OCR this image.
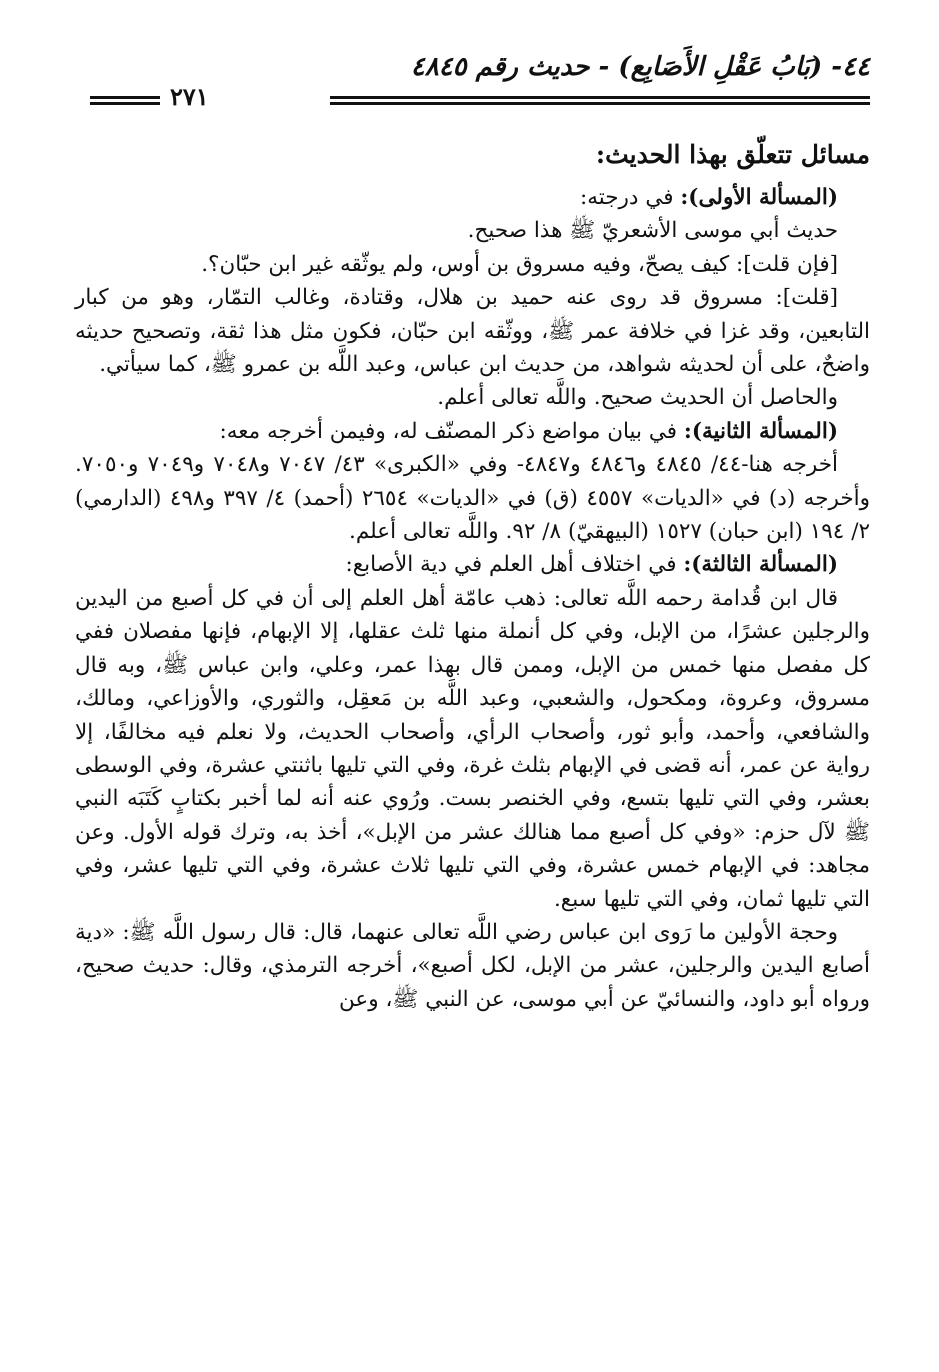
٤٤- (بَابُ عَقْلِ الأَصَابِع) - حديث رقم ٤٨٤٥
٢٧١

مسائل تتعلّق بهذا الحديث:

(المسألة الأولى): في درجته:

حديث أبي موسى الأشعريّ ﷺ هذا صحيح.

[فإن قلت]: كيف يصحّ، وفيه مسروق بن أوس، ولم يوثّقه غير ابن حبّان؟.

[قلت]: مسروق قد روى عنه حميد بن هلال، وقتادة، وغالب التمّار، وهو من كبار التابعين، وقد غزا في خلافة عمر ﷺ، ووثّقه ابن حبّان، فكون مثل هذا ثقة، وتصحيح حديثه واضحٌ، على أن لحديثه شواهد، من حديث ابن عباس، وعبد اللَّه بن عمرو ﷺ، كما سيأتي.

والحاصل أن الحديث صحيح. واللَّه تعالى أعلم.

(المسألة الثانية): في بيان مواضع ذكر المصنّف له، وفيمن أخرجه معه:

أخرجه هنا-٤٤/ ٤٨٤٥ و٤٨٤٦ و٤٨٤٧- وفي «الكبرى» ٤٣/ ٧٠٤٧ و٧٠٤٨ و٧٠٤٩ و٧٠٥٠. وأخرجه (د) في «الديات» ٤٥٥٧ (ق) في «الديات» ٢٦٥٤ (أحمد) ٤/ ٣٩٧ و٤٩٨ (الدارمي) ٢/ ١٩٤ (ابن حبان) ١٥٢٧ (البيهقيّ) ٨/ ٩٢. واللَّه تعالى أعلم.

(المسألة الثالثة): في اختلاف أهل العلم في دية الأصابع:

قال ابن قُدامة رحمه اللَّه تعالى: ذهب عامّة أهل العلم إلى أن في كل أصبع من اليدين والرجلين عشرًا، من الإبل، وفي كل أنملة منها ثلث عقلها، إلا الإبهام، فإنها مفصلان ففي كل مفصل منها خمس من الإبل، وممن قال بهذا عمر، وعلي، وابن عباس ﷺ، وبه قال مسروق، وعروة، ومكحول، والشعبي، وعبد اللَّه بن مَعقِل، والثوري، والأوزاعي، ومالك، والشافعي، وأحمد، وأبو ثور، وأصحاب الرأي، وأصحاب الحديث، ولا نعلم فيه مخالفًا، إلا رواية عن عمر، أنه قضى في الإبهام بثلث غرة، وفي التي تليها باثنتي عشرة، وفي الوسطى بعشر، وفي التي تليها بتسع، وفي الخنصر بست. ورُوي عنه أنه لما أخبر بكتابٍ كَتَبَه النبي ﷺ لآل حزم: «وفي كل أصبع مما هنالك عشر من الإبل»، أخذ به، وترك قوله الأول. وعن مجاهد: في الإبهام خمس عشرة، وفي التي تليها ثلاث عشرة، وفي التي تليها عشر، وفي التي تليها ثمان، وفي التي تليها سبع.

وحجة الأولين ما رَوى ابن عباس رضي اللَّه تعالى عنهما، قال: قال رسول اللَّه ﷺ: «دية أصابع اليدين والرجلين، عشر من الإبل، لكل أصبع»، أخرجه الترمذي، وقال: حديث صحيح، ورواه أبو داود، والنسائيّ عن أبي موسى، عن النبي ﷺ، وعن
